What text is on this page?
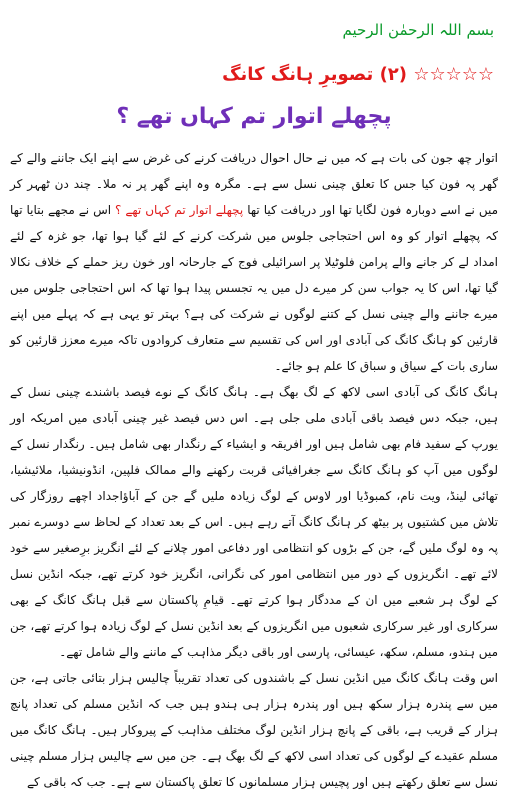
بسم اللہ الرحمٰن الرحیم

☆☆☆☆☆ (۲) تصویرِ ہانگ کانگ

پچھلے اتوار تم کہاں تھے ؟

اتوار چھ جون کی بات ہے کہ میں نے حال احوال دریافت کرنے کی غرض سے اپنے ایک جاننے والے کے گھر پہ فون کیا جس کا تعلق چینی نسل سے ہے۔ مگرہ وہ اپنے گھر پر نہ ملا۔ چند دن ٹھہر کر میں نے اسے دوبارہ فون لگایا تھا اور دریافت کیا تھا پچھلے اتوار تم کہاں تھے ؟ اس نے مجھے بتایا تھا کہ پچھلے اتوار کو وہ اس احتجاجی جلوس میں شرکت کرنے کے لئے گیا ہوا تھا، جو غزہ کے لئے امداد لے کر جانے والے پرامن فلوٹیلا پر اسرائیلی فوج کے جارحانہ اور خون ریز حملے کے خلاف نکالا گیا تھا، اس کا یہ جواب سن کر میرے دل میں یہ تجسس پیدا ہوا تھا کہ اس احتجاجی جلوس میں میرے جاننے والے چینی نسل کے کتنے لوگوں نے شرکت کی ہے؟ بہتر تو یہی ہے کہ پہلے میں اپنے قارئین کو ہانگ کانگ کی آبادی اور اس کی تقسیم سے متعارف کروادوں تاکہ میرے معزز قارئین کو ساری بات کے سیاق و سباق کا علم ہو جائے۔

ہانگ کانگ کی آبادی اسی لاکھ کے لگ بھگ ہے۔ ہانگ کانگ کے نوے فیصد باشندے چینی نسل کے ہیں، جبکہ دس فیصد باقی آبادی ملی جلی ہے۔ اس دس فیصد غیر چینی آبادی میں امریکہ اور یورپ کے سفید فام بھی شامل ہیں اور افریقہ و ایشیاء کے رنگدار بھی شامل ہیں۔ رنگدار نسل کے لوگوں میں آپ کو ہانگ کانگ سے جغرافیائی قربت رکھنے والے ممالک فلپین، انڈونیشیا، ملائیشیا، تھائی لینڈ، ویت نام، کمبوڈیا اور لاوس کے لوگ زیادہ ملیں گے جن کے آباؤاجداد اچھے روزگار کی تلاش میں کشتیوں پر بیٹھ کر ہانگ کانگ آتے رہے ہیں۔ اس کے بعد تعداد کے لحاظ سے دوسرے نمبر پہ وہ لوگ ملیں گے، جن کے بڑوں کو انتظامی اور دفاعی امور چلانے کے لئے انگریز برِصغیر سے خود لائے تھے۔ انگریزوں کے دور میں انتظامی امور کی نگرانی، انگریز خود کرتے تھے، جبکہ انڈین نسل کے لوگ ہر شعبے میں ان کے مددگار ہوا کرتے تھے۔ قیامِ پاکستان سے قبل ہانگ کانگ کے بھی سرکاری اور غیر سرکاری شعبوں میں انگریزوں کے بعد انڈین نسل کے لوگ زیادہ ہوا کرتے تھے، جن میں ہندو، مسلم، سکھ، عیسائی، پارسی اور باقی دیگر مذاہب کے ماننے والے شامل تھے۔

اس وقت ہانگ کانگ میں انڈین نسل کے باشندوں کی تعداد تقریباً چالیس ہزار بتائی جاتی ہے، جن میں سے پندرہ ہزار سکھ ہیں اور پندرہ ہزار ہی ہندو ہیں جب کہ انڈین مسلم کی تعداد پانچ ہزار کے قریب ہے، باقی کے پانچ ہزار انڈین لوگ مختلف مذاہب کے پیروکار ہیں۔ ہانگ کانگ میں مسلم عقیدے کے لوگوں کی تعداد اسی لاکھ کے لگ بھگ ہے۔ جن میں سے چالیس ہزار مسلم چینی نسل سے تعلق رکھتے ہیں اور پچیس ہزار مسلمانوں کا تعلق پاکستان سے ہے۔ جب کہ باقی کے
